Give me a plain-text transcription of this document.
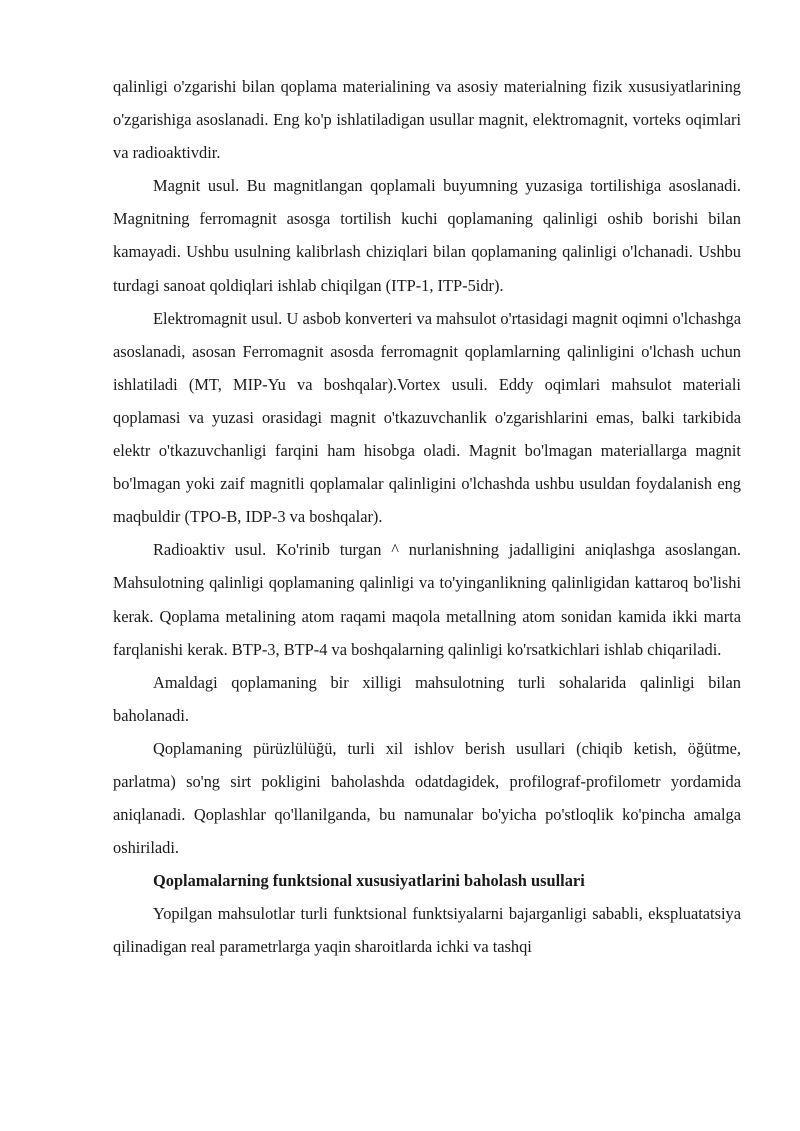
qalinligi o'zgarishi bilan qoplama materialining va asosiy materialning fizik xususiyatlarining o'zgarishiga asoslanadi. Eng ko'p ishlatiladigan usullar magnit, elektromagnit, vorteks oqimlari va radioaktivdir.

Magnit usul. Bu magnitlangan qoplamali buyumning yuzasiga tortilishiga asoslanadi. Magnitning ferromagnit asosga tortilish kuchi qoplamaning qalinligi oshib borishi bilan kamayadi. Ushbu usulning kalibrlash chiziqlari bilan qoplamaning qalinligi o'lchanadi. Ushbu turdagi sanoat qoldiqlari ishlab chiqilgan (ITP-1, ITP-5idr).

Elektromagnit usul. U asbob konverteri va mahsulot o'rtasidagi magnit oqimni o'lchashga asoslanadi, asosan Ferromagnit asosda ferromagnit qoplamlarning qalinligini o'lchash uchun ishlatiladi (MT, MIP-Yu va boshqalar).Vortex usuli. Eddy oqimlari mahsulot materiali qoplamasi va yuzasi orasidagi magnit o'tkazuvchanlik o'zgarishlarini emas, balki tarkibida elektr o'tkazuvchanligi farqini ham hisobga oladi. Magnit bo'lmagan materiallarga magnit bo'lmagan yoki zaif magnitli qoplamalar qalinligini o'lchashda ushbu usuldan foydalanish eng maqbuldir (TPO-B, IDP-3 va boshqalar).

Radioaktiv usul. Ko'rinib turgan ^ nurlanishning jadalligini aniqlashga asoslangan. Mahsulotning qalinligi qoplamaning qalinligi va to'yinganlikning qalinligidan kattaroq bo'lishi kerak. Qoplama metalining atom raqami maqola metallning atom sonidan kamida ikki marta farqlanishi kerak. BTP-3, BTP-4 va boshqalarning qalinligi ko'rsatkichlari ishlab chiqariladi.

Amaldagi qoplamaning bir xilligi mahsulotning turli sohalarida qalinligi bilan baholanadi.

Qoplamaning pürüzlülüğü, turli xil ishlov berish usullari (chiqib ketish, öğütme, parlatma) so'ng sirt pokligini baholashda odatdagidek, profilograf-profilometr yordamida aniqlanadi. Qoplashlar qo'llanilganda, bu namunalar bo'yicha po'stloqlik ko'pincha amalga oshiriladi.

Qoplamalarning funktsional xususiyatlarini baholash usullari

Yopilgan mahsulotlar turli funktsional funktsiyalarni bajarganligi sababli, ekspluatatsiya qilinadigan real parametrlarga yaqin sharoitlarda ichki va tashqi
